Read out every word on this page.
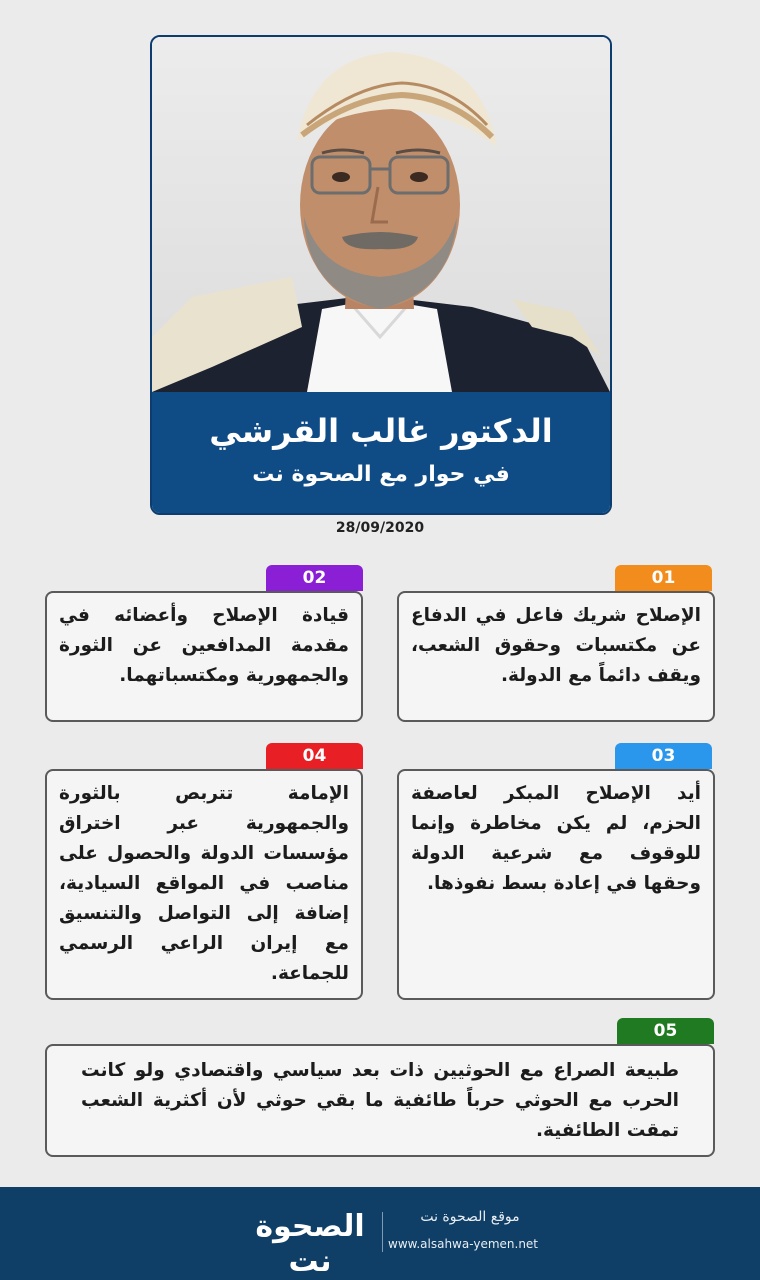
الدكتور غالب القرشي
في حوار مع الصحوة نت
28/09/2020
01

الإصلاح شريك فاعل في الدفاع عن مكتسبات وحقوق الشعب، ويقف دائماً مع الدولة.

02

قيادة الإصلاح وأعضائه في مقدمة المدافعين عن الثورة والجمهورية ومكتسباتهما.

03

أيد الإصلاح المبكر لعاصفة الحزم، لم يكن مخاطرة وإنما للوقوف مع شرعية الدولة وحقها في إعادة بسط نفوذها.

04

الإمامة تتربص بالثورة والجمهورية عبر اختراق مؤسسات الدولة والحصول على مناصب في المواقع السيادية، إضافة إلى التواصل والتنسيق مع إيران الراعي الرسمي للجماعة.

05

طبيعة الصراع مع الحوثيين ذات بعد سياسي واقتصادي ولو كانت الحرب مع الحوثي حرباً طائفية ما بقي حوثي لأن أكثرية الشعب تمقت الطائفية.

الصحوة نت
موقع الصحوة نت
www.alsahwa-yemen.net
